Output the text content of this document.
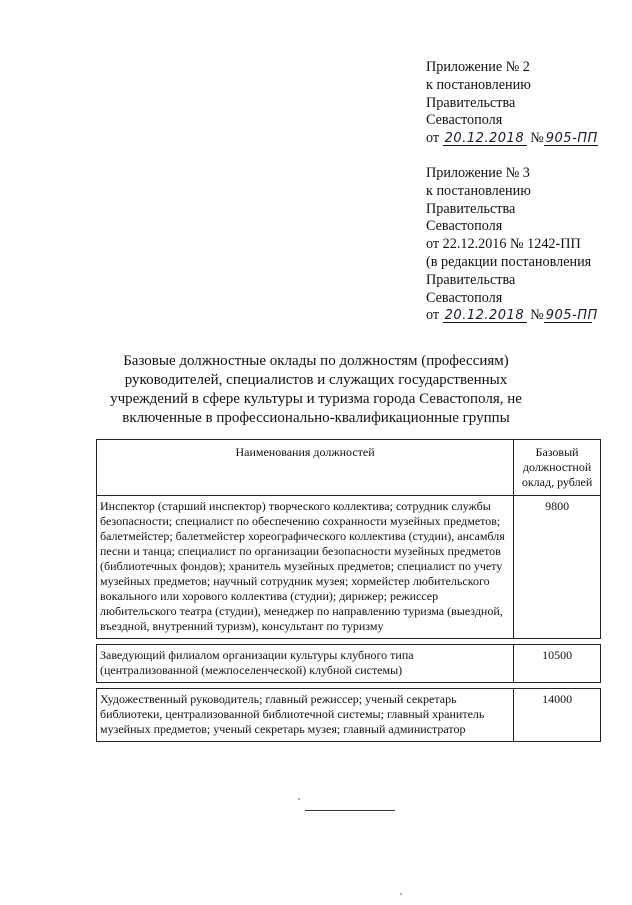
Приложение № 2
к постановлению
Правительства
Севастополя
от 20.12.2018 № 905-ПП
Приложение № 3
к постановлению
Правительства
Севастополя
от 22.12.2016 № 1242-ПП
(в редакции постановления
Правительства
Севастополя
от 20.12.2018 № 905-ПП
Базовые должностные оклады по должностям (профессиям) руководителей, специалистов и служащих государственных учреждений в сфере культуры и туризма города Севастополя, не включенные в профессионально-квалификационные группы
Наименования должностей	Базовый должностной оклад, рублей
Инспектор (старший инспектор) творческого коллектива; сотрудник службы безопасности; специалист по обеспечению сохранности музейных предметов; балетмейстер; балетмейстер хореографического коллектива (студии), ансамбля песни и танца; специалист по организации безопасности музейных предметов (библиотечных фондов); хранитель музейных предметов; специалист по учету музейных предметов; научный сотрудник музея; хормейстер любительского вокального или хорового коллектива (студии); дирижер; режиссер любительского театра (студии), менеджер по направлению туризма (выездной, въездной, внутренний туризм), консультант по туризму	9800

Заведующий филиалом организации культуры клубного типа (централизованной (межпоселенческой) клубной системы)	10500

Художественный руководитель; главный режиссер; ученый секретарь библиотеки, централизованной библиотечной системы; главный хранитель музейных предметов; ученый секретарь музея; главный администратор	14000
